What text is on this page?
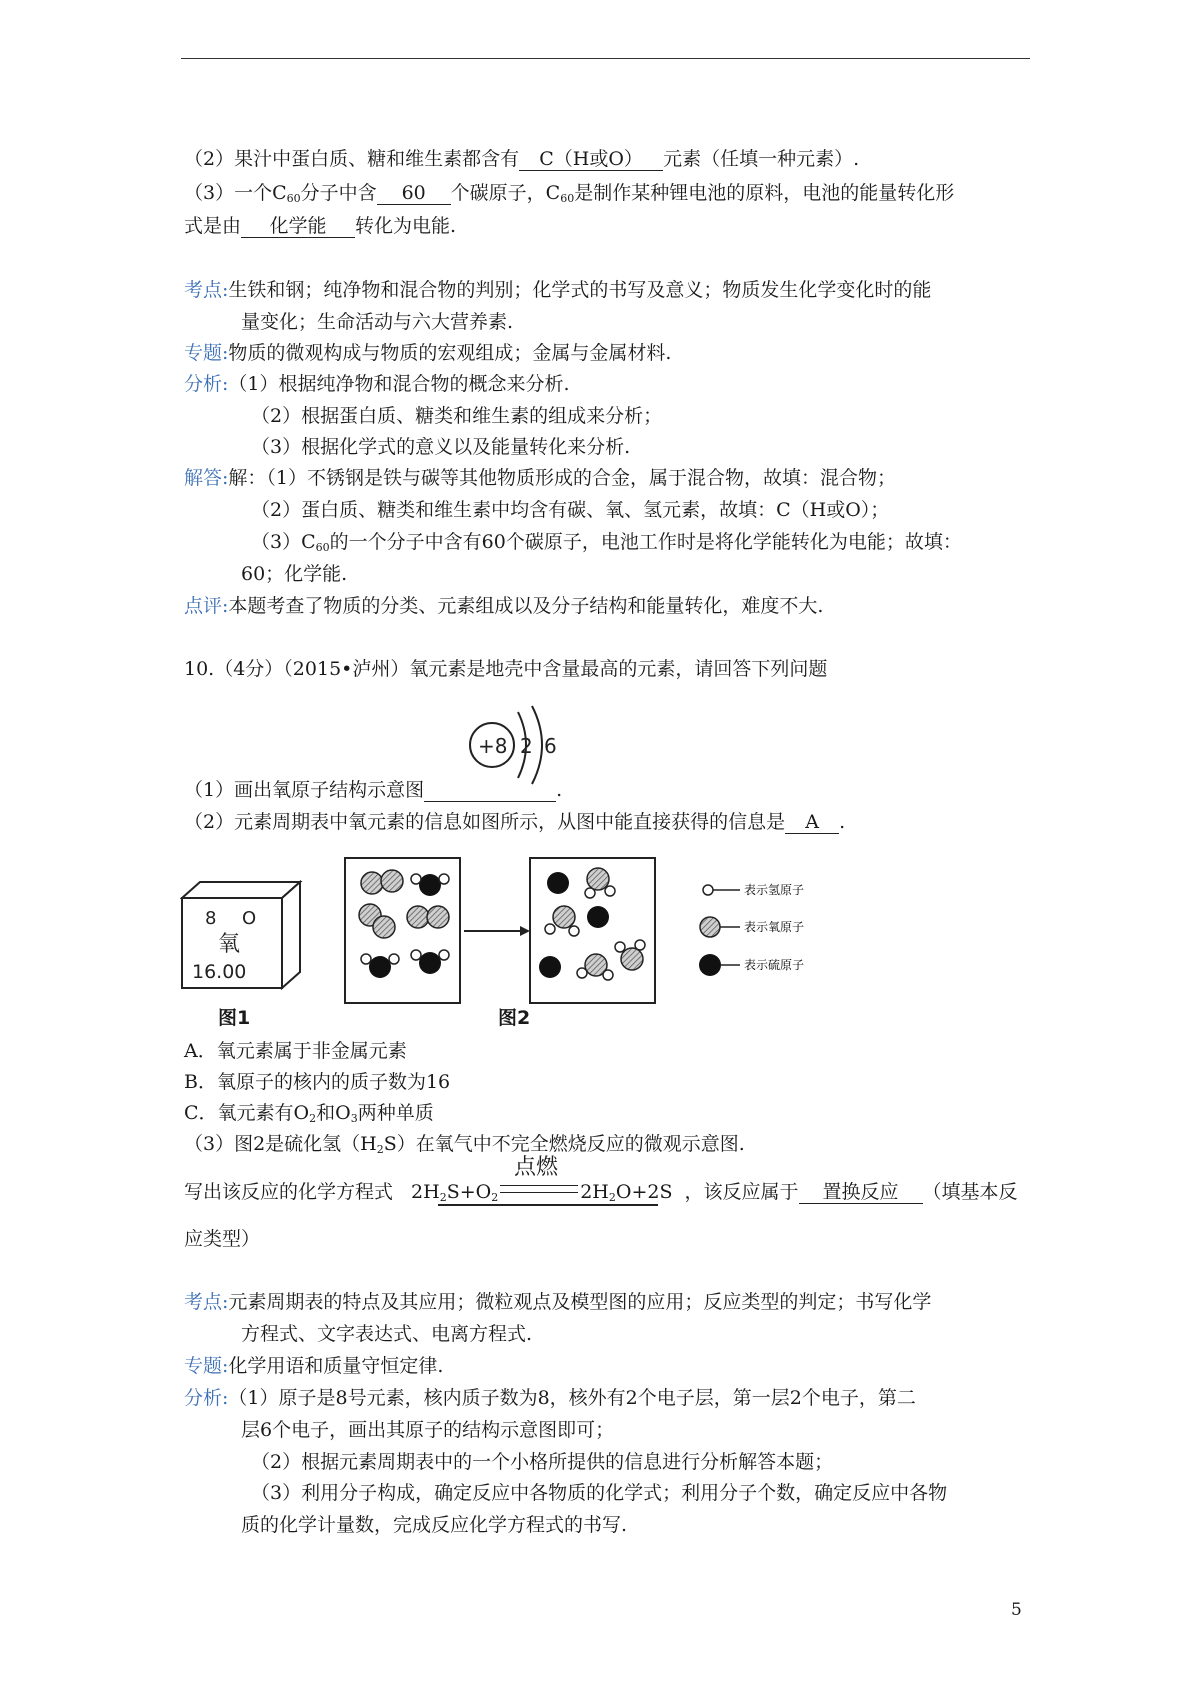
（2）果汁中蛋白质、糖和维生素都含有 C（H或O） 元素（任填一种元素）.
（3）一个$C_{60}$分子中含 60 个碳原子，$C_{60}$是制作某种锂电池的原料，电池的能量转化形
式是由 化学能 转化为电能.
考点:生铁和钢；纯净物和混合物的判别；化学式的书写及意义；物质发生化学变化时的能
量变化；生命活动与六大营养素.
专题:物质的微观构成与物质的宏观组成；金属与金属材料.
分析:（1）根据纯净物和混合物的概念来分析.
（2）根据蛋白质、糖类和维生素的组成来分析；
（3）根据化学式的意义以及能量转化来分析.
解答:解：（1）不锈钢是铁与碳等其他物质形成的合金，属于混合物，故填：混合物；
（2）蛋白质、糖类和维生素中均含有碳、氧、氢元素，故填：C（H或O）；
$(3)C_{60}$的一个分子中含有60个碳原子，电池工作时是将化学能转化为电能；故填：
60；化学能.
点评:本题考查了物质的分类、元素组成以及分子结构和能量转化，难度不大.
10.（4分）（2015•泸州）氧元素是地壳中含量最高的元素，请回答下列问题
+8 2 6
（1）画出氧原子结构示意图	.
（2）元素周期表中氧元素的信息如图所示，从图中能直接获得的信息是 A .
8 O
氧
16.00
图1
表示氢原子
表示氧原子
表示硫原子
图2
A．氧元素属于非金属元素
B．氧原子的核内的质子数为16
C．氧元素有$O_2$和$O_3$两种单质
（3）图2是硫化氢$(H_2S)$在氧气中不完全燃烧反应的微观示意图.
点燃
写出该反应的化学方程式 $2H_2S+O_2$	$2H_2O+2S$ ，该反应属于 置换反应 （填基本反
应类型）
考点:元素周期表的特点及其应用；微粒观点及模型图的应用；反应类型的判定；书写化学
方程式、文字表达式、电离方程式.
专题:化学用语和质量守恒定律.
分析:（1）原子是8号元素，核内质子数为8，核外有2个电子层，第一层2个电子，第二
层6个电子，画出其原子的结构示意图即可；
（2）根据元素周期表中的一个小格所提供的信息进行分析解答本题；
（3）利用分子构成，确定反应中各物质的化学式；利用分子个数，确定反应中各物
质的化学计量数，完成反应化学方程式的书写.
5
